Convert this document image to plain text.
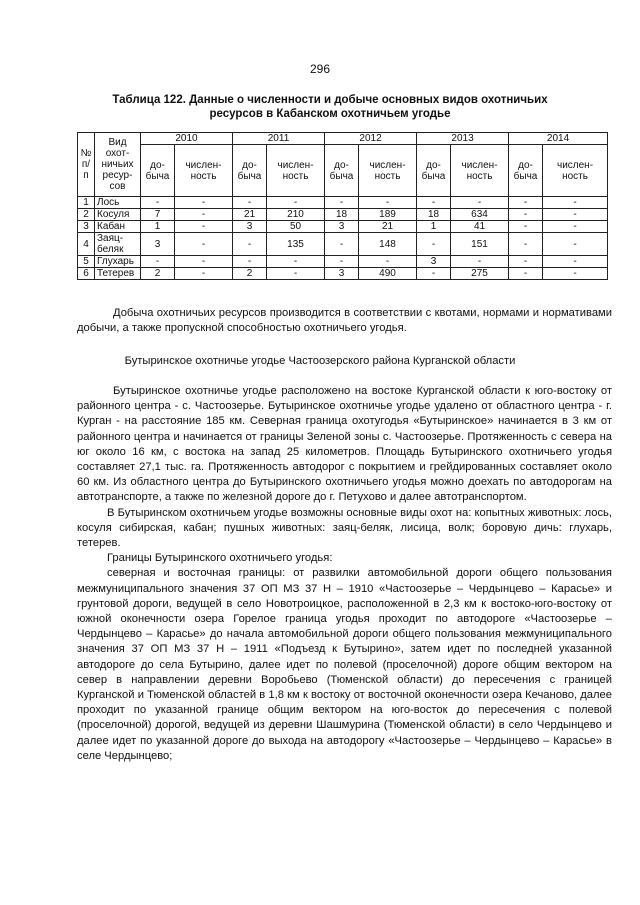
296
Таблица 122. Данные о численности и добыче основных видов охотничьих
ресурсов в Кабанском охотничьем угодье
№ п/п	Вид охот-ничьих ресур-сов	2010		2011		2012		2013		2014	
		до-бычa	числен-ность	до-бычa	числен-ность	до-бычa	числен-ность	до-бычa	числен-ность	до-бычa	числен-ность
1	Лось	-	-	-	-	-	-	-	-	-	-
2	Косуля	7	-	21	210	18	189	18	634	-	-
3	Кабан	1	-	3	50	3	21	1	41	-	-
4	Заяц-беляк	3	-	-	135	-	148	-	151	-	-
5	Глухарь	-	-	-	-	-	-	3	-	-	-
6	Тетерев	2	-	2	-	3	490	-	275	-	-

Добыча охотничьих ресурсов производится в соответствии с квотами, нормами и нормативами добычи, а также пропускной способностью охотничьего угодья.

Бутыринское охотничье угодье Частоозерского района Курганской области

Бутыринское охотничье угодье расположено на востоке Курганской области к юго-востоку от районного центра - с. Частоозерье. Бутыринское охотничье угодье удалено от областного центра - г. Курган - на расстояние 185 км. Северная граница охотугодья «Бутыринское» начинается в 3 км от районного центра и начинается от границы Зеленой зоны с. Частоозерье. Протяженность с севера на юг около 16 км, с востока на запад 25 километров. Площадь Бутыринского охотничьего угодья составляет 27,1 тыс. га. Протяженность автодорог с покрытием и грейдированных составляет около 60 км. Из областного центра до Бутыринского охотничьего угодья можно доехать по автодорогам на автотранспорте, а также по железной дороге до г. Петухово и далее автотранспортом.

В Бутыринском охотничьем угодье возможны основные виды охот на: копытных животных: лось, косуля сибирская, кабан; пушных животных: заяц-беляк, лисица, волк; боровую дичь: глухарь, тетерев.

Границы Бутыринского охотничьего угодья:

северная и восточная границы: от развилки автомобильной дороги общего пользования межмуниципального значения 37 ОП МЗ 37 Н – 1910 «Частоозерье – Чердынцево – Карасье» и грунтовой дороги, ведущей в село Новотроицкое, расположенной в 2,3 км к востоко-юго-востоку от южной оконечности озера Горелое граница угодья проходит по автодороге «Частоозерье – Чердынцево – Карасье» до начала автомобильной дороги общего пользования межмуниципального значения 37 ОП МЗ 37 Н – 1911 «Подъезд к Бутырино», затем идет по последней указанной автодороге до села Бутырино, далее идет по полевой (проселочной) дороге общим вектором на север в направлении деревни Воробьево (Тюменской области) до пересечения с границей Курганской и Тюменской областей в 1,8 км к востоку от восточной оконечности озера Кечаново, далее проходит по указанной границе общим вектором на юго-восток до пересечения с полевой (проселочной) дорогой, ведущей из деревни Шашмурина (Тюменской области) в село Чердынцево и далее идет по указанной дороге до выхода на автодорогу «Частоозерье – Чердынцево – Карасье» в селе Чердынцево;
